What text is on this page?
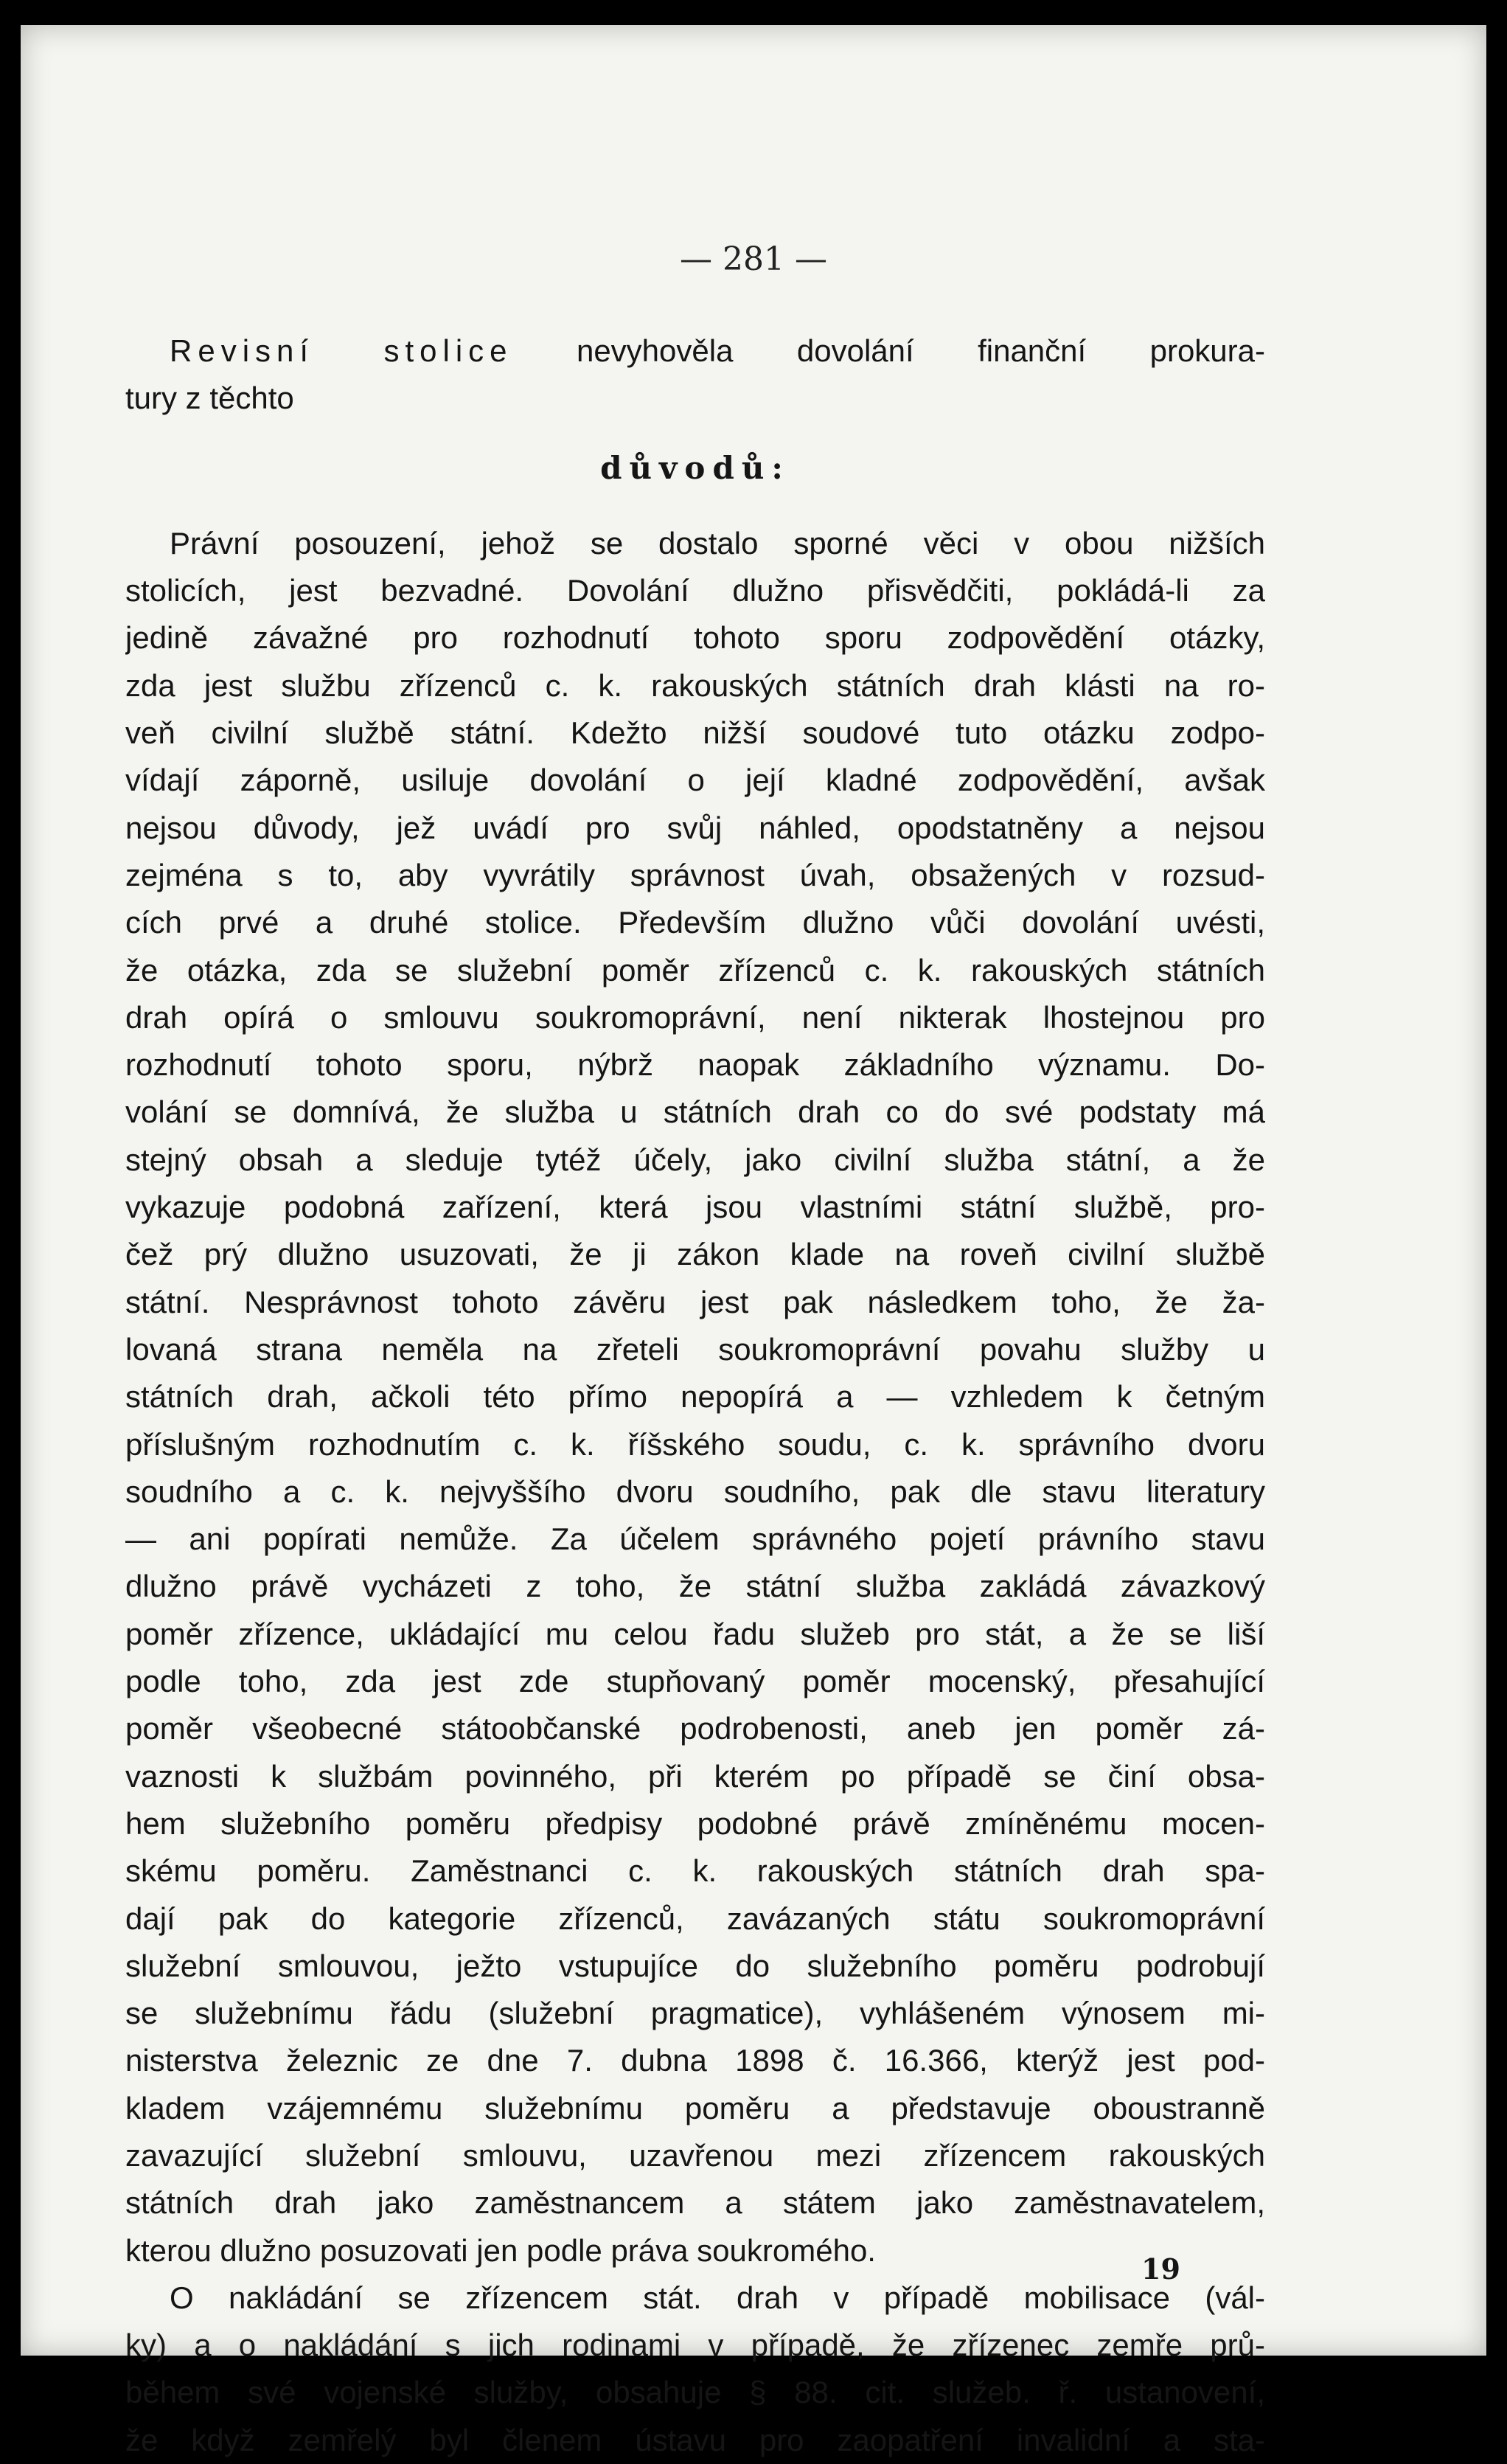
— 281 —
Revisní stolice nevyhověla dovolání finanční prokura-
tury z těchto
důvodů:
Právní posouzení, jehož se dostalo sporné věci v obou nižších
stolicích, jest bezvadné. Dovolání dlužno přisvědčiti, pokládá-li za
jedině závažné pro rozhodnutí tohoto sporu zodpovědění otázky,
zda jest službu zřízenců c. k. rakouských státních drah klásti na ro-
veň civilní službě státní. Kdežto nižší soudové tuto otázku zodpo-
vídají záporně, usiluje dovolání o její kladné zodpovědění, avšak
nejsou důvody, jež uvádí pro svůj náhled, opodstatněny a nejsou
zejména s to, aby vyvrátily správnost úvah, obsažených v rozsud-
cích prvé a druhé stolice. Především dlužno vůči dovolání uvésti,
že otázka, zda se služební poměr zřízenců c. k. rakouských státních
drah opírá o smlouvu soukromoprávní, není nikterak lhostejnou pro
rozhodnutí tohoto sporu, nýbrž naopak základního významu. Do-
volání se domnívá, že služba u státních drah co do své podstaty má
stejný obsah a sleduje tytéž účely, jako civilní služba státní, a že
vykazuje podobná zařízení, která jsou vlastními státní službě, pro-
čež prý dlužno usuzovati, že ji zákon klade na roveň civilní službě
státní. Nesprávnost tohoto závěru jest pak následkem toho, že ža-
lovaná strana neměla na zřeteli soukromoprávní povahu služby u
státních drah, ačkoli této přímo nepopírá a — vzhledem k četným
příslušným rozhodnutím c. k. říšského soudu, c. k. správního dvoru
soudního a c. k. nejvyššího dvoru soudního, pak dle stavu literatury
— ani popírati nemůže. Za účelem správného pojetí právního stavu
dlužno právě vycházeti z toho, že státní služba zakládá závazkový
poměr zřízence, ukládající mu celou řadu služeb pro stát, a že se liší
podle toho, zda jest zde stupňovaný poměr mocenský, přesahující
poměr všeobecné státoobčanské podrobenosti, aneb jen poměr zá-
vaznosti k službám povinného, při kterém po případě se činí obsa-
hem služebního poměru předpisy podobné právě zmíněnému mocen-
skému poměru. Zaměstnanci c. k. rakouských státních drah spa-
dají pak do kategorie zřízenců, zavázaných státu soukromoprávní
služební smlouvou, ježto vstupujíce do služebního poměru podrobují
se služebnímu řádu (služební pragmatice), vyhlášeném výnosem mi-
nisterstva železnic ze dne 7. dubna 1898 č. 16.366, kterýž jest pod-
kladem vzájemnému služebnímu poměru a představuje oboustranně
zavazující služební smlouvu, uzavřenou mezi zřízencem rakouských
státních drah jako zaměstnancem a státem jako zaměstnavatelem,
kterou dlužno posuzovati jen podle práva soukromého.
O nakládání se zřízencem stát. drah v případě mobilisace (vál-
ky) a o nakládání s jich rodinami v případě, že zřízenec zemře prů-
během své vojenské služby, obsahuje § 88. cit. služeb. ř. ustanovení,
že když zemřelý byl členem ústavu pro zaopatření invalidní a sta-
19
